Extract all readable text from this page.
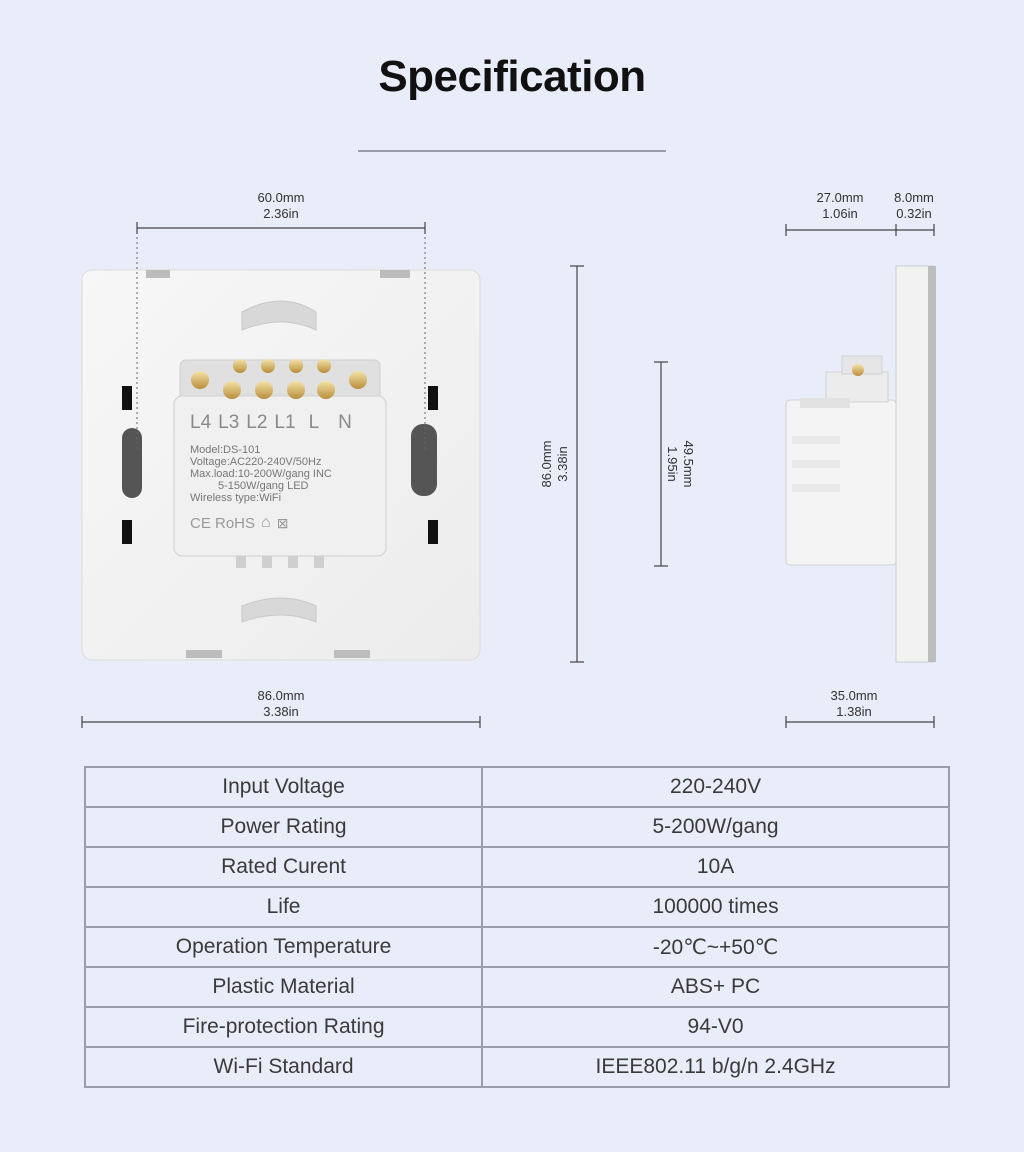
Specification
L4 L3 L2 L1 L N
Model:DS-101
Voltage:AC220-240V/50Hz
Max.load:10-200W/gang INC
5-150W/gang LED
Wireless type:WiFi
CE RoHS ⌂ ⊠
60.0mm
2.36in
86.0mm
3.38in
86.0mm 3.38in	49.5mm
1.95in
27.0mm
1.06in
8.0mm
0.32in
35.0mm
1.38in
Input Voltage	220-240V
Power Rating	5-200W/gang
Rated Curent	10A
Life	100000 times
Operation Temperature	-20℃~+50℃
Plastic Material	ABS+ PC
Fire-protection Rating	94-V0
Wi-Fi Standard	IEEE802.11 b/g/n 2.4GHz
